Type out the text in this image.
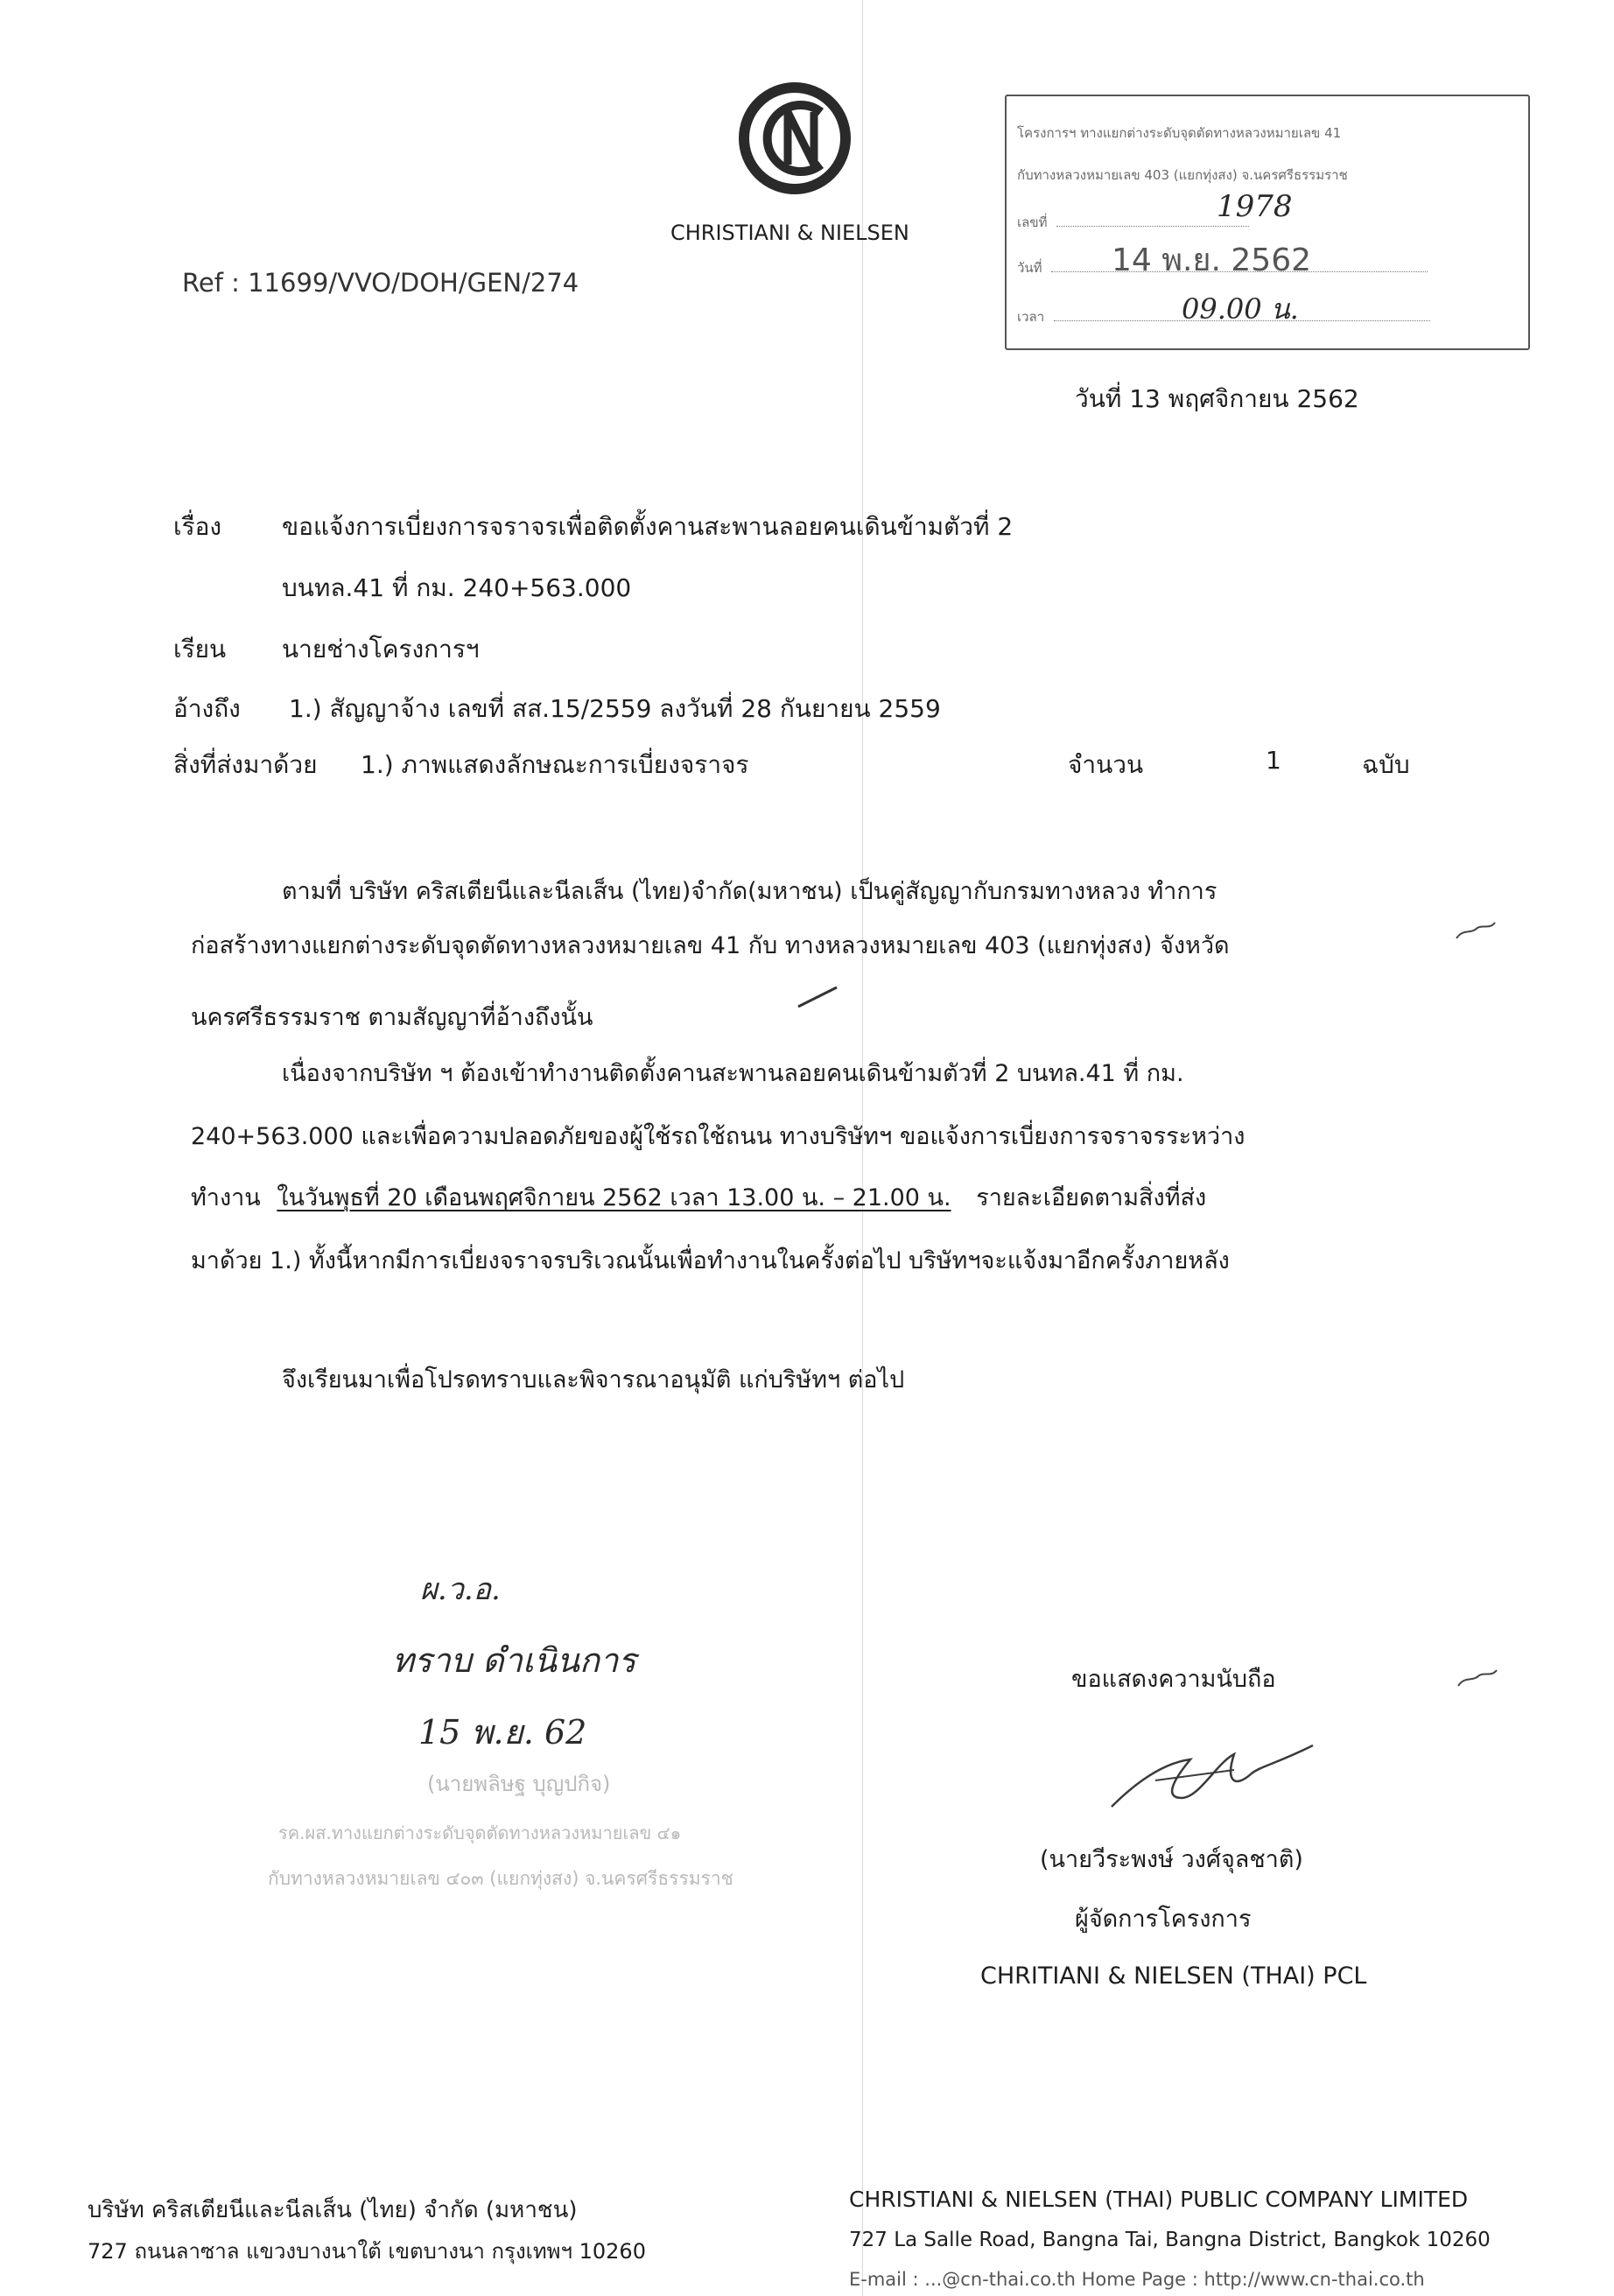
CHRISTIANI & NIELSEN
Ref : 11699/VVO/DOH/GEN/274
โครงการฯ ทางแยกต่างระดับจุดตัดทางหลวงหมายเลข 41
กับทางหลวงหมายเลข 403 (แยกทุ่งสง) จ.นครศรีธรรมราช
เลขที่	1978
วันที่	14 พ.ย. 2562
เวลา	09.00 น.
วันที่ 13 พฤศจิกายน 2562
เรื่อง ขอแจ้งการเบี่ยงการจราจรเพื่อติดตั้งคานสะพานลอยคนเดินข้ามตัวที่ 2
บนทล.41 ที่ กม. 240+563.000
เรียน นายช่างโครงการฯ
อ้างถึง 1.) สัญญาจ้าง เลขที่ สส.15/2559 ลงวันที่ 28 กันยายน 2559
สิ่งที่ส่งมาด้วย 1.) ภาพแสดงลักษณะการเบี่ยงจราจร	จำนวน	1	ฉบับ
ตามที่ บริษัท คริสเตียนีและนีลเส็น (ไทย)จำกัด(มหาชน) เป็นคู่สัญญากับกรมทางหลวง ทำการ
ก่อสร้างทางแยกต่างระดับจุดตัดทางหลวงหมายเลข 41 กับ ทางหลวงหมายเลข 403 (แยกทุ่งสง) จังหวัด
นครศรีธรรมราช ตามสัญญาที่อ้างถึงนั้น
เนื่องจากบริษัท ฯ ต้องเข้าทำงานติดตั้งคานสะพานลอยคนเดินข้ามตัวที่ 2 บนทล.41 ที่ กม.
240+563.000 และเพื่อความปลอดภัยของผู้ใช้รถใช้ถนน ทางบริษัทฯ ขอแจ้งการเบี่ยงการจราจรระหว่าง
ทำงาน ในวันพุธที่ 20 เดือนพฤศจิกายน 2562 เวลา 13.00 น. – 21.00 น. รายละเอียดตามสิ่งที่ส่ง
มาด้วย 1.) ทั้งนี้หากมีการเบี่ยงจราจรบริเวณนั้นเพื่อทำงานในครั้งต่อไป บริษัทฯจะแจ้งมาอีกครั้งภายหลัง
จึงเรียนมาเพื่อโปรดทราบและพิจารณาอนุมัติ แก่บริษัทฯ ต่อไป
ผ.ว.อ.
ทราบ ดำเนินการ
15 พ.ย. 62
(นายพลิษฐ บุญปกิจ)
รค.ผส.ทางแยกต่างระดับจุดตัดทางหลวงหมายเลข ๔๑
กับทางหลวงหมายเลข ๔๐๓ (แยกทุ่งสง) จ.นครศรีธรรมราช
ขอแสดงความนับถือ
(นายวีระพงษ์ วงศ์จุลชาติ)
ผู้จัดการโครงการ
CHRITIANI & NIELSEN (THAI) PCL
บริษัท คริสเตียนีและนีลเส็น (ไทย) จำกัด (มหาชน)
727 ถนนลาซาล แขวงบางนาใต้ เขตบางนา กรุงเทพฯ 10260
CHRISTIANI & NIELSEN (THAI) PUBLIC COMPANY LIMITED
727 La Salle Road, Bangna Tai, Bangna District, Bangkok 10260
E-mail : ...@cn-thai.co.th Home Page : http://www.cn-thai.co.th
